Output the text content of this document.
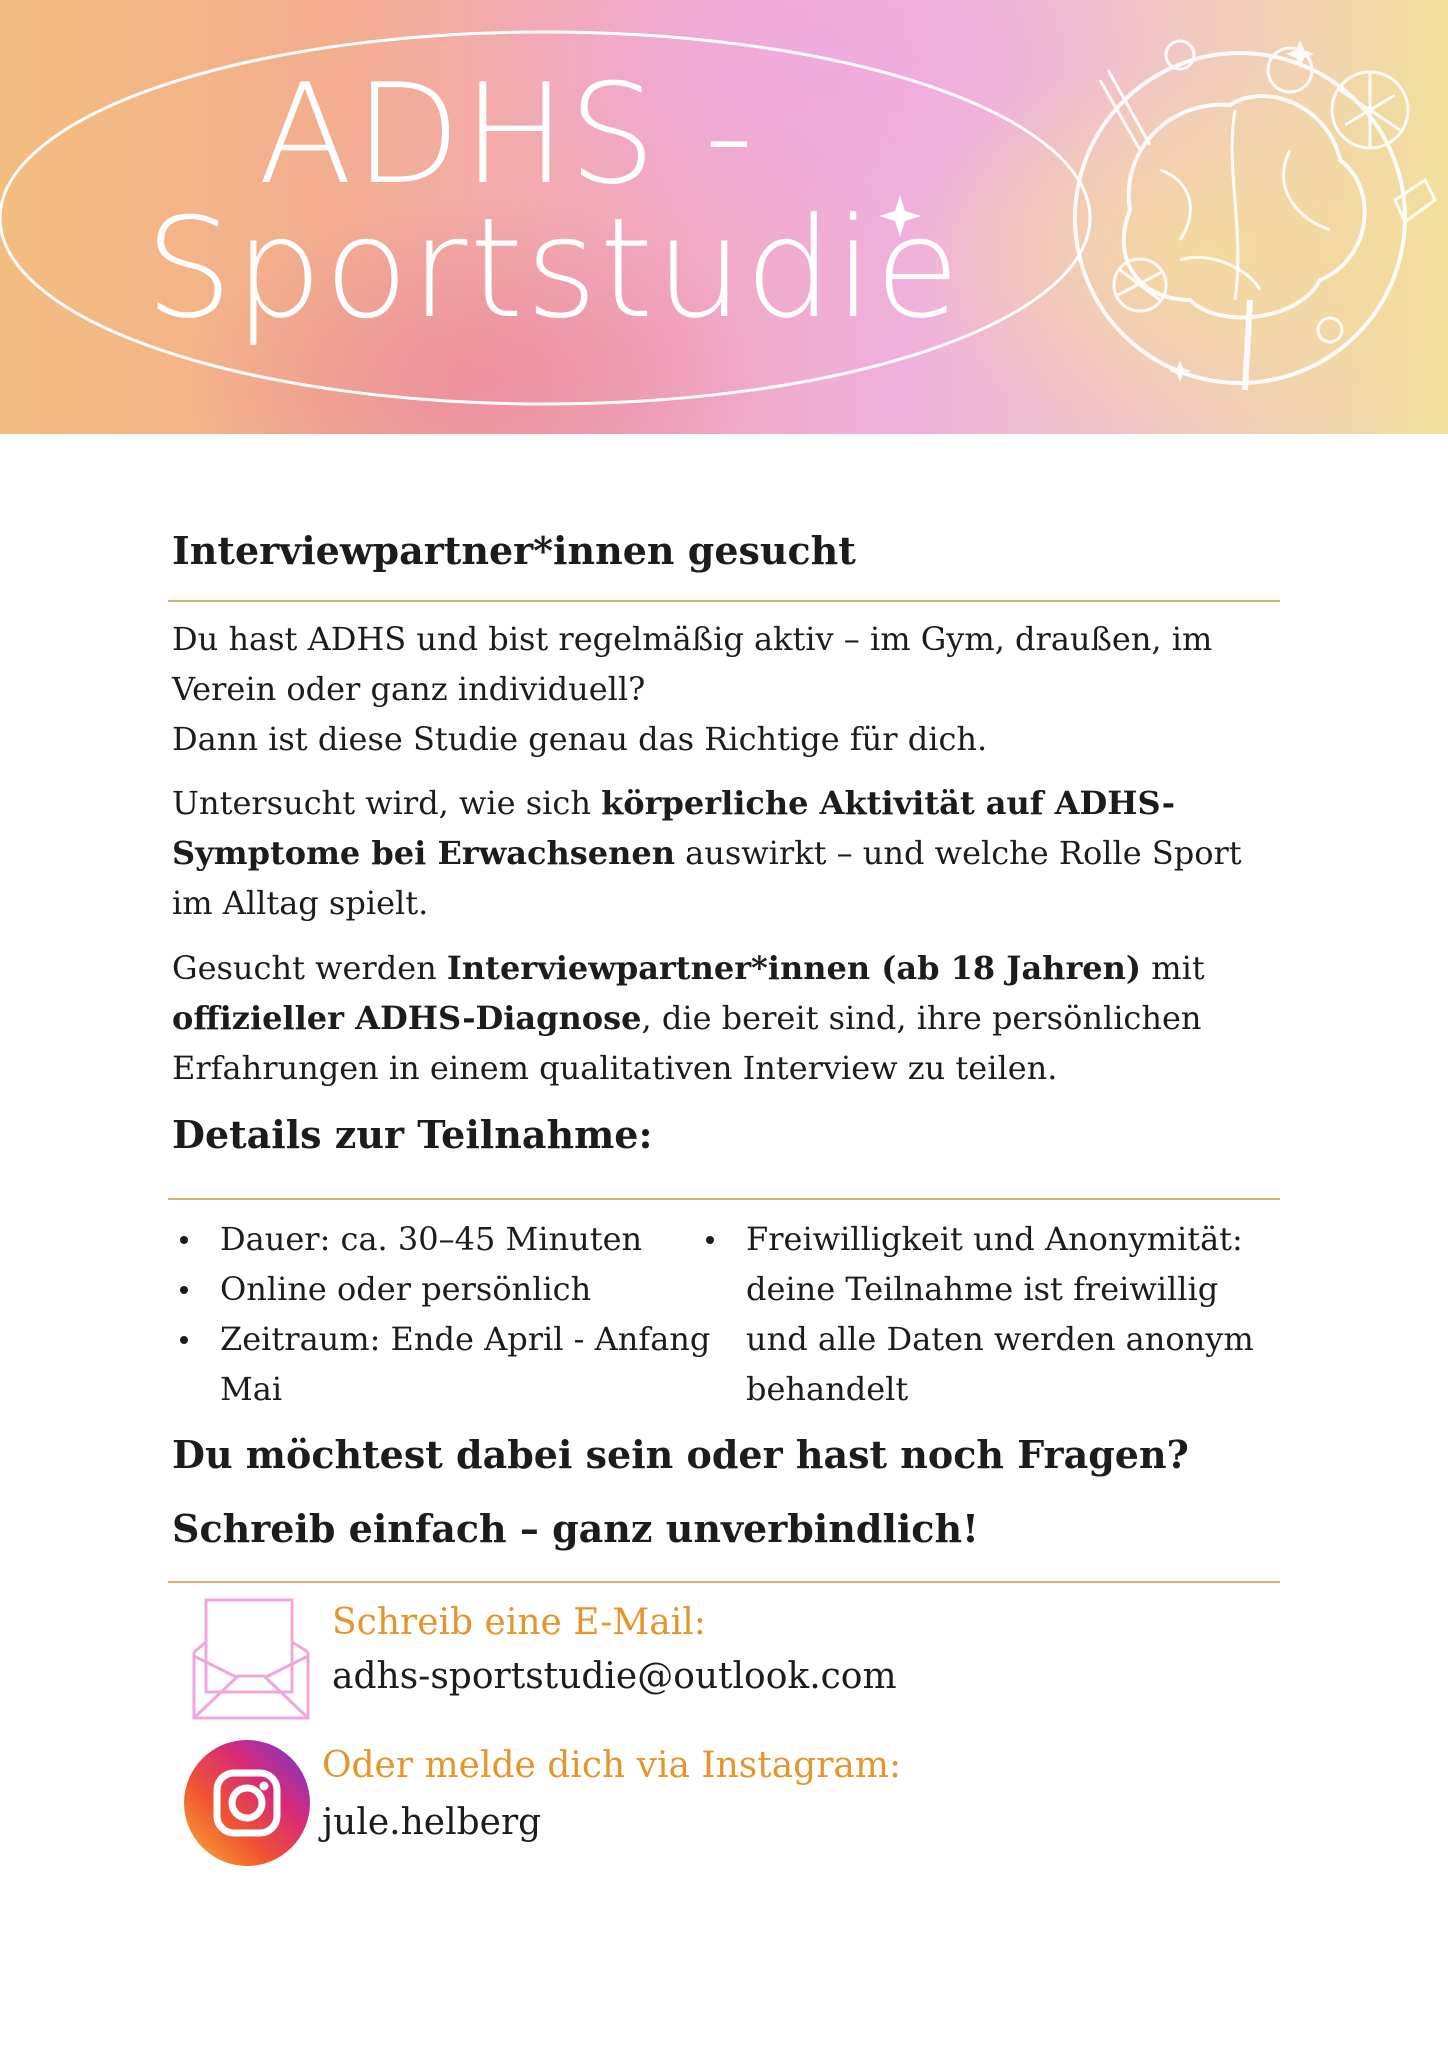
ADHS -
Sportstudie
Interviewpartner*innen gesucht

Du hast ADHS und bist regelmäßig aktiv – im Gym, draußen, im
Verein oder ganz individuell?
Dann ist diese Studie genau das Richtige für dich.

Untersucht wird, wie sich körperliche Aktivität auf ADHS-Symptome bei Erwachsenen auswirkt – und welche Rolle Sport im Alltag spielt.

Gesucht werden Interviewpartner*innen (ab 18 Jahren) mit offizieller ADHS-Diagnose, die bereit sind, ihre persönlichen Erfahrungen in einem qualitativen Interview zu teilen.

Details zur Teilnahme:
Dauer: ca. 30–45 Minuten
Online oder persönlich
Zeitraum: Ende April - Anfang Mai
Freiwilligkeit und Anonymität: deine Teilnahme ist freiwillig und alle Daten werden anonym behandelt
Du möchtest dabei sein oder hast noch Fragen?
Schreib einfach – ganz unverbindlich!
Schreib eine E-Mail:
adhs-sportstudie@outlook.com
Oder melde dich via Instagram:
jule.helberg
